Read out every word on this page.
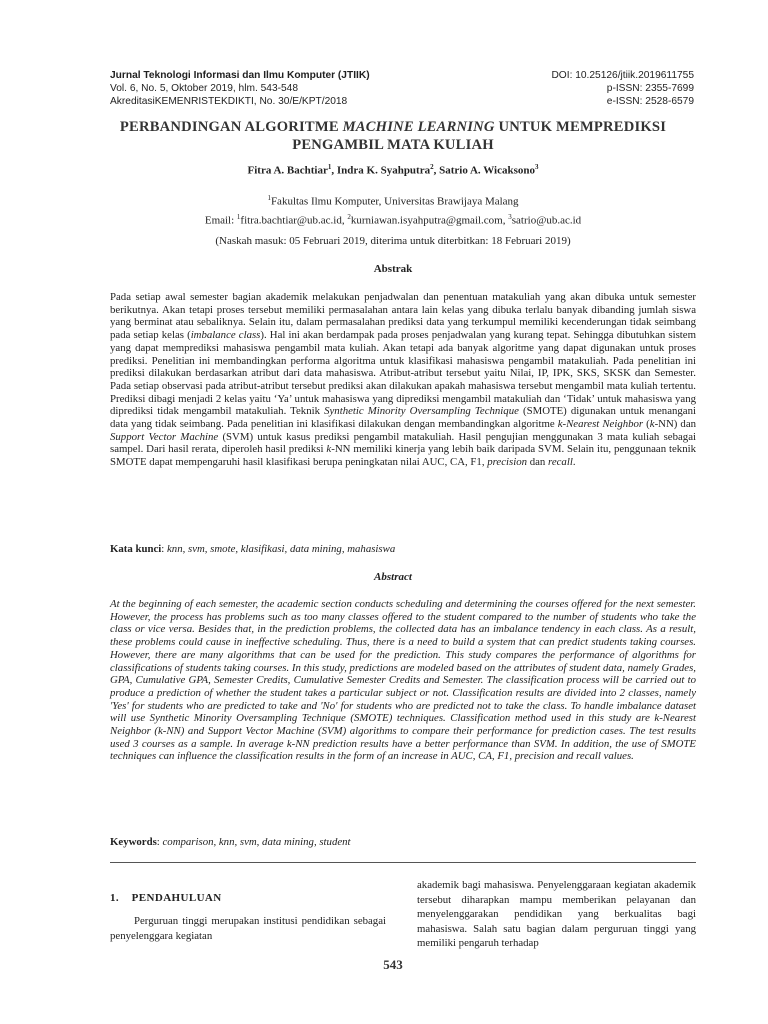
Jurnal Teknologi Informasi dan Ilmu Komputer (JTIIK)
Vol. 6, No. 5, Oktober 2019, hlm. 543-548
AkreditasiKEMENRISTEKDIKTI, No. 30/E/KPT/2018
DOI: 10.25126/jtiik.2019611755
p-ISSN: 2355-7699
e-ISSN: 2528-6579
PERBANDINGAN ALGORITME MACHINE LEARNING UNTUK MEMPREDIKSI
PENGAMBIL MATA KULIAH
Fitra A. Bachtiar$^1$, Indra K. Syahputra$^2$, Satrio A. Wicaksono$^3$
$^1$Fakultas Ilmu Komputer, Universitas Brawijaya Malang
Email: $^1$fitra.bachtiar@ub.ac.id, $^2$kurniawan.isyahputra@gmail.com, $^3$satrio@ub.ac.id
(Naskah masuk: 05 Februari 2019, diterima untuk diterbitkan: 18 Februari 2019)
Abstrak
Pada setiap awal semester bagian akademik melakukan penjadwalan dan penentuan matakuliah yang akan dibuka untuk semester berikutnya. Akan tetapi proses tersebut memiliki permasalahan antara lain kelas yang dibuka terlalu banyak dibanding jumlah siswa yang berminat atau sebaliknya. Selain itu, dalam permasalahan prediksi data yang terkumpul memiliki kecenderungan tidak seimbang pada setiap kelas (imbalance class). Hal ini akan berdampak pada proses penjadwalan yang kurang tepat. Sehingga dibutuhkan sistem yang dapat memprediksi mahasiswa pengambil mata kuliah. Akan tetapi ada banyak algoritme yang dapat digunakan untuk proses prediksi. Penelitian ini membandingkan performa algoritma untuk klasifikasi mahasiswa pengambil matakuliah. Pada penelitian ini prediksi dilakukan berdasarkan atribut dari data mahasiswa. Atribut-atribut tersebut yaitu Nilai, IP, IPK, SKS, SKSK dan Semester. Pada setiap observasi pada atribut-atribut tersebut prediksi akan dilakukan apakah mahasiswa tersebut mengambil mata kuliah tertentu. Prediksi dibagi menjadi 2 kelas yaitu ‘Ya’ untuk mahasiswa yang diprediksi mengambil matakuliah dan ‘Tidak’ untuk mahasiswa yang diprediksi tidak mengambil matakuliah. Teknik Synthetic Minority Oversampling Technique (SMOTE) digunakan untuk menangani data yang tidak seimbang. Pada penelitian ini klasifikasi dilakukan dengan membandingkan algoritme k-Nearest Neighbor (k-NN) dan Support Vector Machine (SVM) untuk kasus prediksi pengambil matakuliah. Hasil pengujian menggunakan 3 mata kuliah sebagai sampel. Dari hasil rerata, diperoleh hasil prediksi k-NN memiliki kinerja yang lebih baik daripada SVM. Selain itu, penggunaan teknik SMOTE dapat mempengaruhi hasil klasifikasi berupa peningkatan nilai AUC, CA, F1, precision dan recall.
Kata kunci: knn, svm, smote, klasifikasi, data mining, mahasiswa
Abstract
At the beginning of each semester, the academic section conducts scheduling and determining the courses offered for the next semester. However, the process has problems such as too many classes offered to the student compared to the number of students who take the class or vice versa. Besides that, in the prediction problems, the collected data has an imbalance tendency in each class. As a result, these problems could cause in ineffective scheduling. Thus, there is a need to build a system that can predict students taking courses. However, there are many algorithms that can be used for the prediction. This study compares the performance of algorithms for classifications of students taking courses. In this study, predictions are modeled based on the attributes of student data, namely Grades, GPA, Cumulative GPA, Semester Credits, Cumulative Semester Credits and Semester. The classification process will be carried out to produce a prediction of whether the student takes a particular subject or not. Classification results are divided into 2 classes, namely 'Yes' for students who are predicted to take and 'No' for students who are predicted not to take the class. To handle imbalance dataset will use Synthetic Minority Oversampling Technique (SMOTE) techniques. Classification method used in this study are k-Nearest Neighbor (k-NN) and Support Vector Machine (SVM) algorithms to compare their performance for prediction cases. The test results used 3 courses as a sample. In average k-NN prediction results have a better performance than SVM. In addition, the use of SMOTE techniques can influence the classification results in the form of an increase in AUC, CA, F1, precision and recall values.
Keywords: comparison, knn, svm, data mining, student
1.    PENDAHULUAN
Perguruan tinggi merupakan institusi pendidikan sebagai penyelenggara kegiatan
akademik bagi mahasiswa. Penyelenggaraan kegiatan akademik tersebut diharapkan mampu memberikan pelayanan dan menyelenggarakan pendidikan yang berkualitas bagi mahasiswa. Salah satu bagian dalam perguruan tinggi yang memiliki pengaruh terhadap
543
